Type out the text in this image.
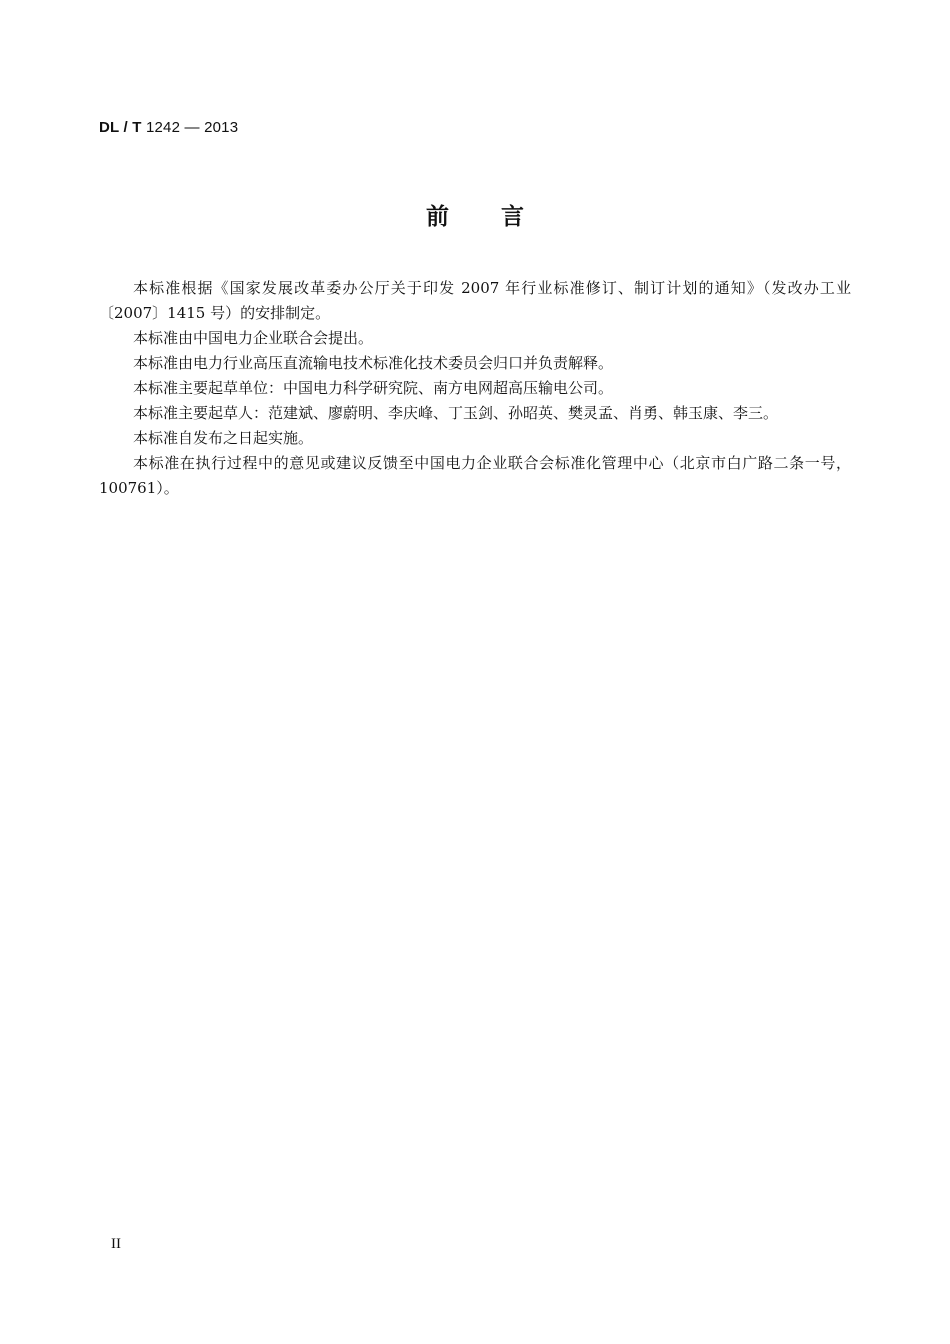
DL / T 1242 — 2013
前言

本标准根据《国家发展改革委办公厅关于印发 2007 年行业标准修订、制订计划的通知》（发改办工业〔2007〕1415 号）的安排制定。

本标准由中国电力企业联合会提出。

本标准由电力行业高压直流输电技术标准化技术委员会归口并负责解释。

本标准主要起草单位：中国电力科学研究院、南方电网超高压输电公司。

本标准主要起草人：范建斌、廖蔚明、李庆峰、丁玉剑、孙昭英、樊灵孟、肖勇、韩玉康、李三。

本标准自发布之日起实施。

本标准在执行过程中的意见或建议反馈至中国电力企业联合会标准化管理中心（北京市白广路二条一号，100761）。

II
